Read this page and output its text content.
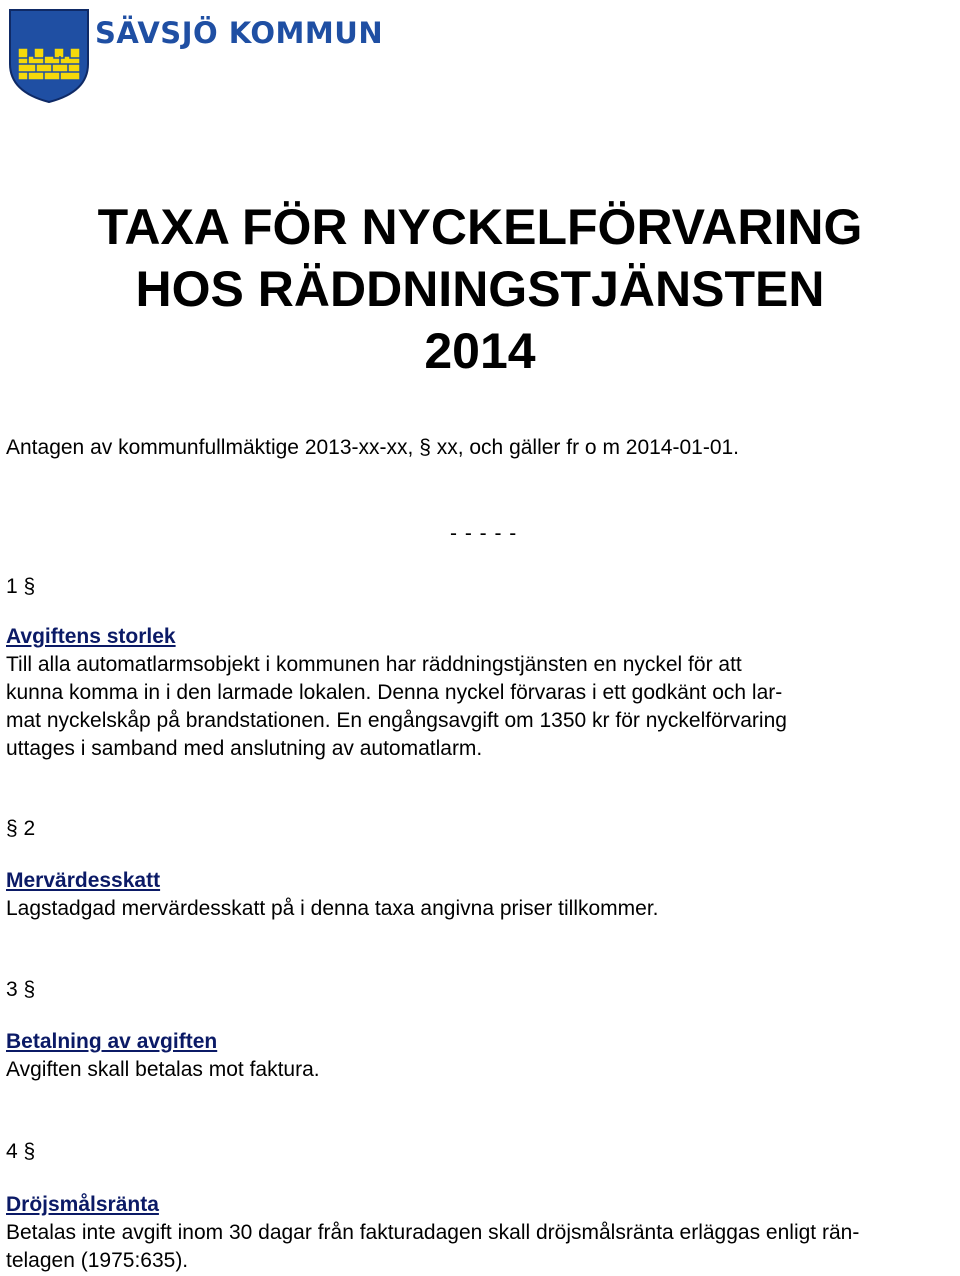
SÄVSJÖ KOMMUN
TAXA FÖR NYCKELFÖRVARING
HOS RÄDDNINGSTJÄNSTEN
2014
Antagen av kommunfullmäktige 2013-xx-xx, § xx, och gäller fr o m 2014-01-01.
- - - - -
1 §
Avgiftens storlek
Till alla automatlarmsobjekt i kommunen har räddningstjänsten en nyckel för att
kunna komma in i den larmade lokalen. Denna nyckel förvaras i ett godkänt och lar-
mat nyckelskåp på brandstationen. En engångsavgift om 1350 kr för nyckelförvaring
uttages i samband med anslutning av automatlarm.
§ 2
Mervärdesskatt
Lagstadgad mervärdesskatt på i denna taxa angivna priser tillkommer.
3 §
Betalning av avgiften
Avgiften skall betalas mot faktura.
4 §
Dröjsmålsränta
Betalas inte avgift inom 30 dagar från fakturadagen skall dröjsmålsränta erläggas enligt rän-
telagen (1975:635).
